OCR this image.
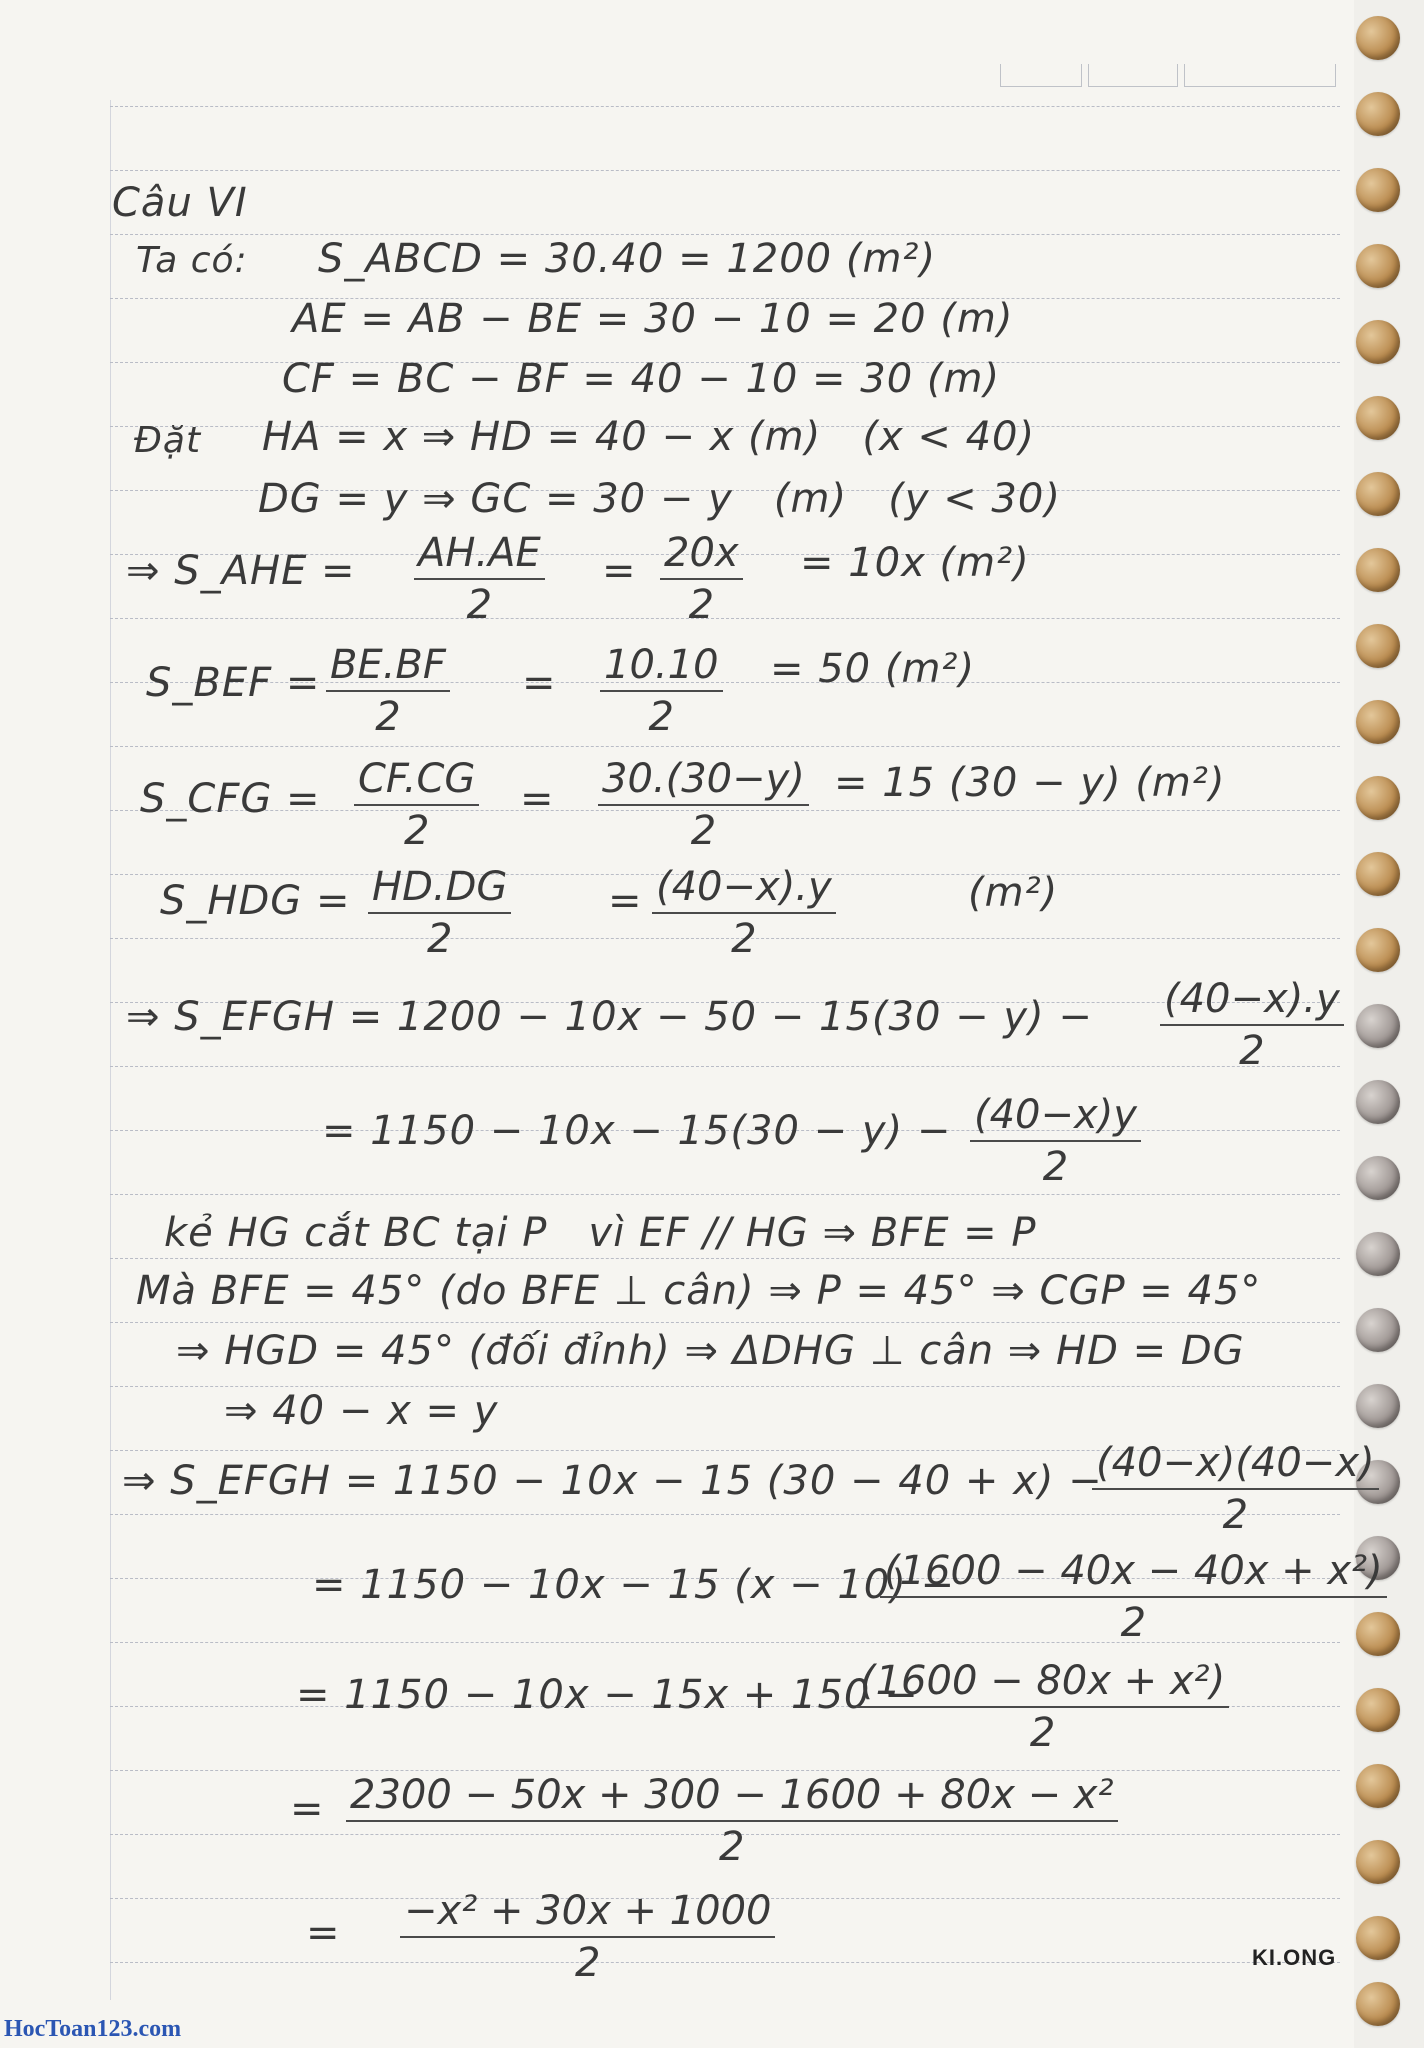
Câu VI

Ta có: S_ABCD = 30.40 = 1200 (m²)

AE = AB − BE = 30 − 10 = 20 (m)

CF = BC − BF = 40 − 10 = 30 (m)

Đặt HA = x ⇒ HD = 40 − x (m)   (x < 40)

DG = y ⇒ GC = 30 − y   (m)   (y < 30)

⇒ S_AHE = $\frac{AH.AE}{2} = \frac{20x}{2} = 10x$ (m²)

S_BEF = $\frac{BE.BF}{2} = \frac{10.10}{2} = 50$ (m²)

S_CFG = $\frac{CF.CG}{2} = \frac{30.(30-y)}{2} = 15$ (30 − y) (m²)

S_HDG = $\frac{HD.DG}{2} = \frac{(40-x).y}{2}$	(m²)

⇒ S_EFGH = $1200 - 10x - 50 - 15(30 - y) - \frac{(40-x).y}{2}$

= $1150 - 10x - 15(30 - y) - \frac{(40-x)y}{2}$

kẻ HG cắt BC tại P   vì EF // HG ⇒ BFE = P

Mà BFE = 45° (do BFE ⊥ cân) ⇒ P = 45° ⇒ CGP = 45°

⇒ HGD = 45° (đối đỉnh) ⇒ ΔDHG ⊥ cân ⇒ HD = DG

⇒ 40 − x = y

⇒ S_EFGH = 1150 − 10x − 15 (30 − 40 + x) −

$\frac{(40-x)(40-x)}{2}$

= 1150 − 10x − 15 (x − 10) −

$\frac{\text{(1600 − 40x − 40x + x²)}}{2}$

= 1150 − 10x − 15x + 150 −

$\frac{\text{(1600 − 80x + x²)}}{2}$

= $\frac{\text{2300 − 50x + 300 − 1600 + 80x − x²}}{2}$

= $\frac{\text{−x² + 30x + 1000}}{2}$	KI.ONG
HocToan123.com
